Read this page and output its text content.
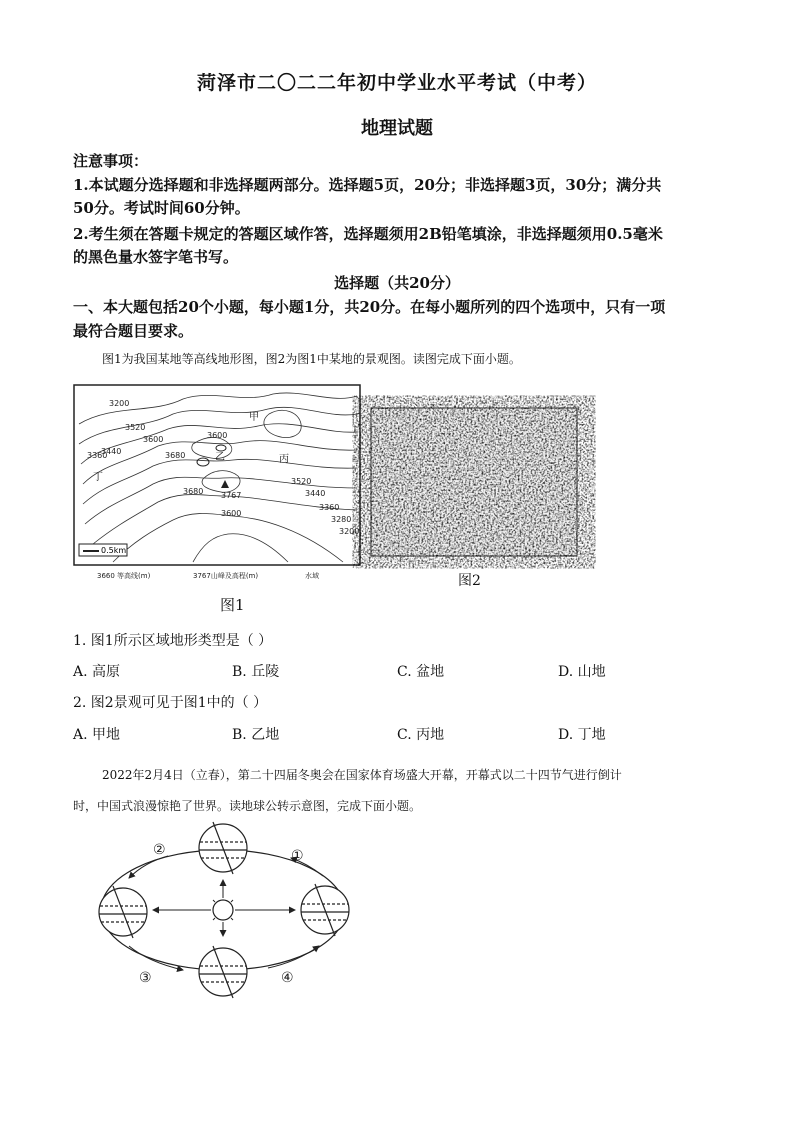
菏泽市二〇二二年初中学业水平考试（中考）
地理试题
注意事项：
1.本试题分选择题和非选择题两部分。选择题5页，20分；非选择题3页，30分；满分共
50分。考试时间60分钟。
2.考生须在答题卡规定的答题区域作答，选择题须用2B铅笔填涂，非选择题须用0.5毫米
的黑色量水签字笔书写。
选择题（共20分）
一、本大题包括20个小题，每小题1分，共20分。在每小题所列的四个选项中，只有一项
最符合题目要求。
图1为我国某地等高线地形图，图2为图1中某地的景观图。读图完成下面小题。
3200
3600
3520
3440
3360	3680
3600
3680 3767
3600
3520
3440
3360
3280
3200
甲
乙	丙
丁
0.5km
3660 等高线(m)	3767山峰及高程(m)	水域
图1
图2
1. 图1所示区域地形类型是（ ）
A. 高原	B. 丘陵	C. 盆地	D. 山地
2. 图2景观可见于图1中的（ ）
A. 甲地	B. 乙地	C. 丙地	D. 丁地
2022年2月4日（立春），第二十四届冬奥会在国家体育场盛大开幕，开幕式以二十四节气进行倒计
时，中国式浪漫惊艳了世界。读地球公转示意图，完成下面小题。
①
②
③	④
